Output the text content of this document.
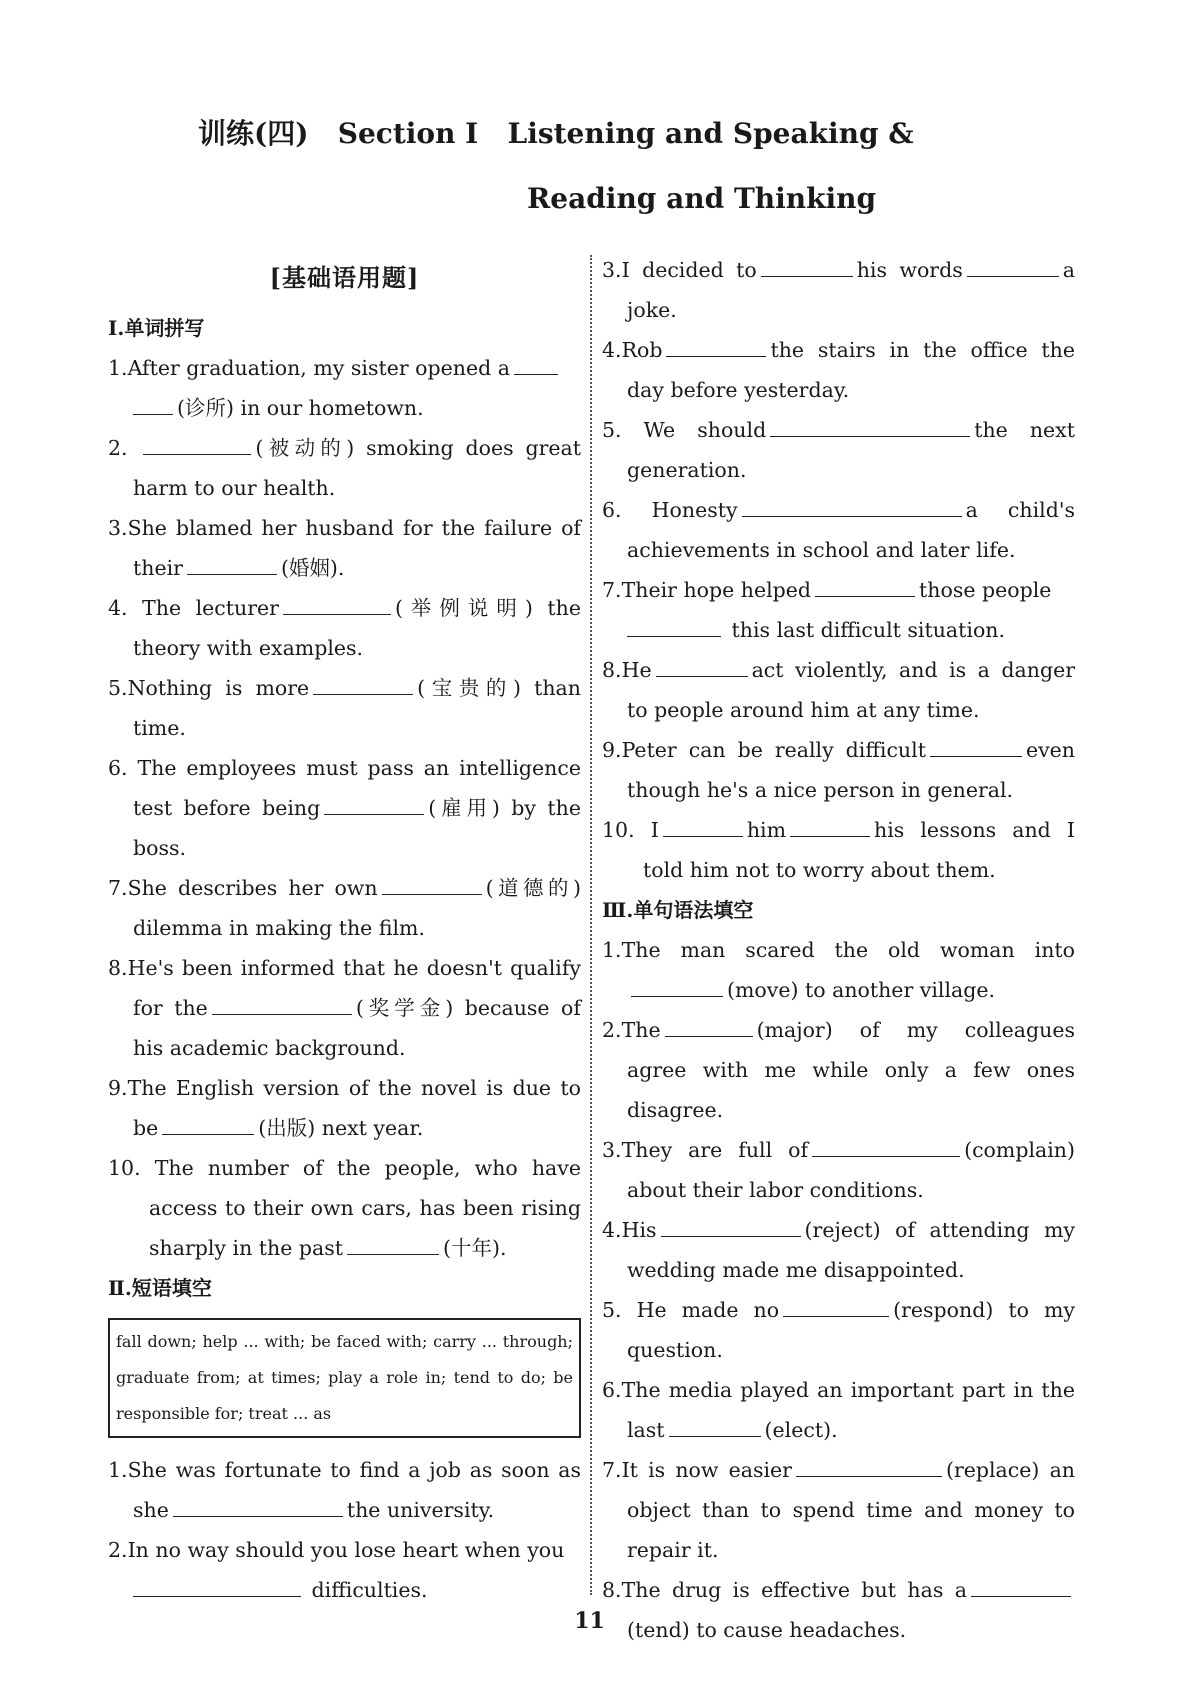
训练(四)   Section Ⅰ   Listening and Speaking &
Reading and Thinking
[基础语用题]
Ⅰ.单词拼写
1.After graduation, my sister opened a
(诊所) in our hometown.
2.	(被动的) smoking does great harm to our health.
3.She blamed her husband for the failure of their	(婚姻).
4. The lecturer	(举例说明) the theory with examples.
5.Nothing is more	(宝贵的) than time.
6. The employees must pass an intelligence test before being	(雇用) by the boss.
7.She describes her own	(道德的) dilemma in making the film.
8.He's been informed that he doesn't qualify for the	(奖学金) because of his academic background.
9.The English version of the novel is due to be	(出版) next year.
10. The number of the people, who have access to their own cars, has been rising sharply in the past	(十年).
Ⅱ.短语填空
fall down; help ... with; be faced with; carry ... through; graduate from; at times; play a role in; tend to do; be responsible for; treat ... as
1.She was fortunate to find a job as soon as she	the university.
2.In no way should you lose heart when you
difficulties.
3.I decided to	his words	a joke.
4.Rob	the stairs in the office the day before yesterday.
5. We should	the next generation.
6. Honesty	a child's achievements in school and later life.
7.Their hope helped	those people
this last difficult situation.
8.He	act violently, and is a danger to people around him at any time.
9.Peter can be really difficult	even though he's a nice person in general.
10. I	him	his lessons and I told him not to worry about them.
Ⅲ.单句语法填空
1.The man scared the old woman into(move) to another village.
2.The	(major) of my colleagues agree with me while only a few ones disagree.
3.They are full of	(complain) about their labor conditions.
4.His	(reject) of attending my wedding made me disappointed.
5. He made no	(respond) to my question.
6.The media played an important part in the last	(elect).
7.It is now easier	(replace) an object than to spend time and money to repair it.
8.The drug is effective but has a(tend) to cause headaches.
11
